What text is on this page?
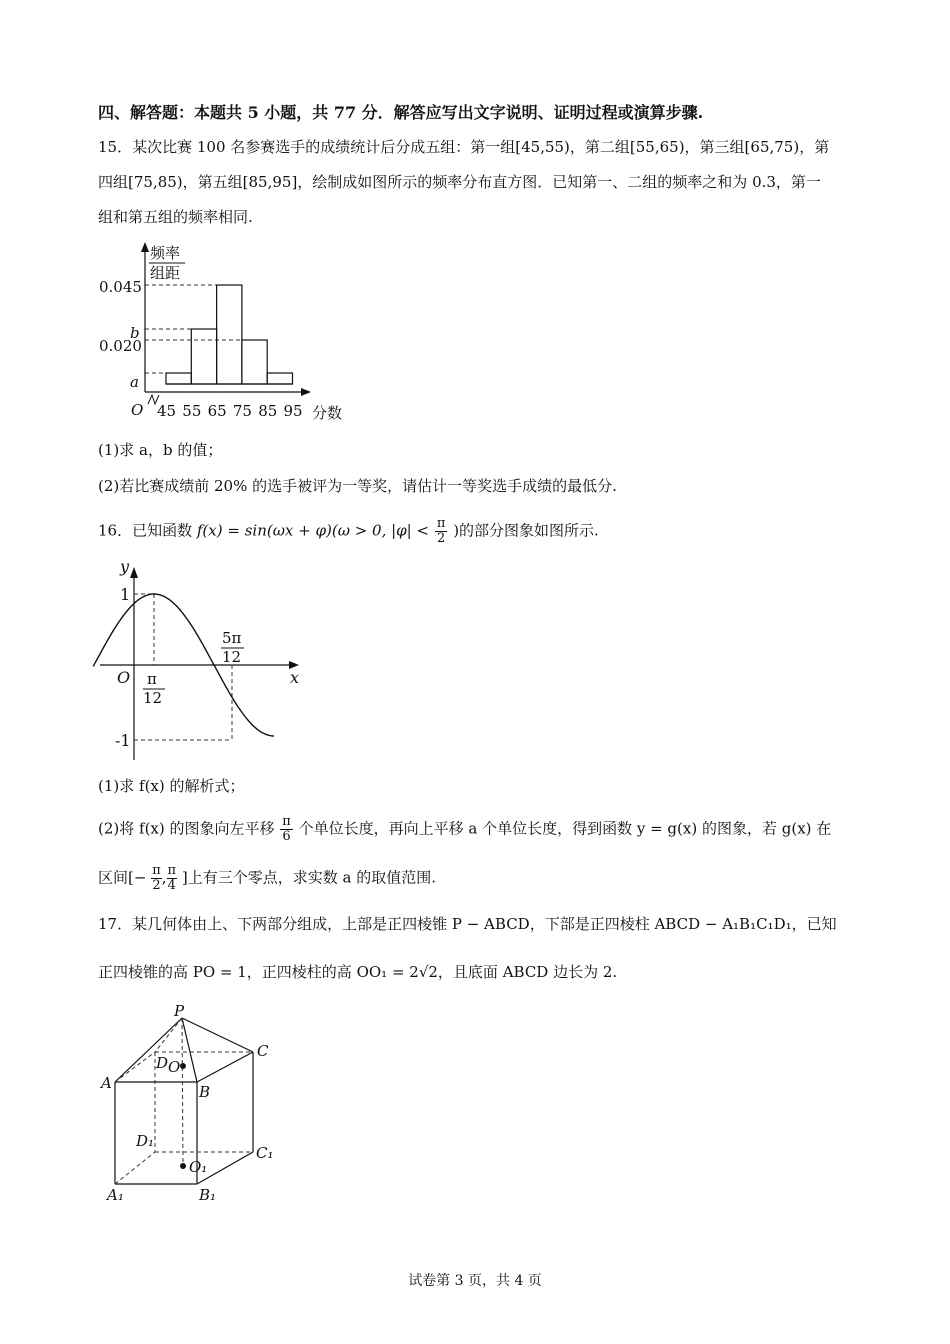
四、解答题：本题共 5 小题，共 77 分．解答应写出文字说明、证明过程或演算步骤.
15．某次比赛 100 名参赛选手的成绩统计后分成五组：第一组[45,55)，第二组[55,65)，第三组[65,75)，第
四组[75,85)，第五组[85,95]，绘制成如图所示的频率分布直方图．已知第一、二组的频率之和为 0.3，第一
组和第五组的频率相同.
频率
组距
0.045
b
0.020
a
O 45 55 65 75 85 95 分数
(1)求 a，b 的值；
(2)若比赛成绩前 20% 的选手被评为一等奖，请估计一等奖选手成绩的最低分.
16．已知函数 f(x) = sin(ωx + φ)(ω > 0, $|\varphi| < \frac{\pi}{2}$ )的部分图象如图所示.
y
x
O
1
-1
π
12
5π
12
(1)求 f(x) 的解析式；
(2)将 f(x) 的图象向左平移 $\frac{\pi}{6}$ 个单位长度，再向上平移 a 个单位长度，得到函数 y = g(x) 的图象，若 g(x) 在
区间[− $\frac{\pi}{2}$ , $\frac{\pi}{4}$ ]上有三个零点，求实数 a 的取值范围.
17．某几何体由上、下两部分组成，上部是正四棱锥 P − ABCD，下部是正四棱柱 ABCD − A₁B₁C₁D₁，已知
正四棱锥的高 PO = 1，正四棱柱的高 OO₁ = 2√2，且底面 ABCD 边长为 2.
P
C
D O
A	B
D₁
C₁
O₁
A₁	B₁
试卷第 3 页，共 4 页
